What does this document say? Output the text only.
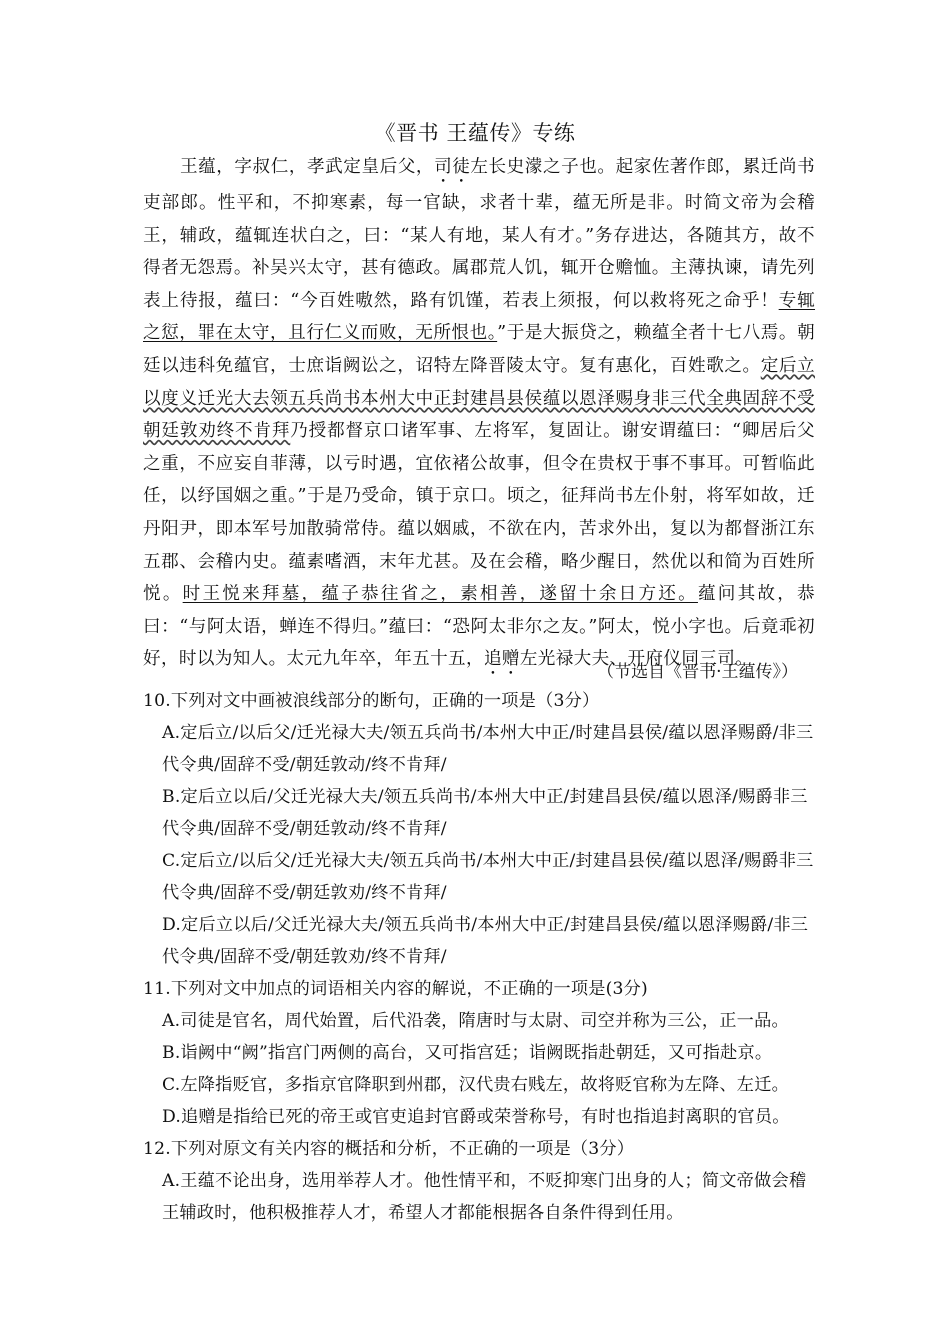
《晋书 王蕴传》专练

王蕴，字叔仁，孝武定皇后父，司徒左长史濛之子也。起家佐著作郎，累迁尚书吏部郎。性平和，不抑寒素，每一官缺，求者十辈，蕴无所是非。时简文帝为会稽王，辅政，蕴辄连状白之，曰：“某人有地，某人有才。”务存进达，各随其方，故不得者无怨焉。补吴兴太守，甚有德政。属郡荒人饥，辄开仓赡恤。主薄执谏，请先列表上待报，蕴曰：“今百姓嗷然，路有饥馑，若表上须报，何以救将死之命乎！专辄之愆，罪在太守，且行仁义而败，无所恨也。”于是大振贷之，赖蕴全者十七八焉。朝廷以违科免蕴官，士庶诣阙讼之，诏特左降晋陵太守。复有惠化，百姓歌之。定后立以度义迁光大去领五兵尚书本州大中正封建昌县侯蕴以恩泽赐身非三代全典固辞不受朝廷敦劝终不肯拜乃授都督京口诸军事、左将军，复固让。谢安谓蕴曰：“卿居后父之重，不应妄自菲薄，以亏时遇，宜依褚公故事，但令在贵权于事不事耳。可暂临此任，以纾国姻之重。”于是乃受命，镇于京口。顷之，征拜尚书左仆射，将军如故，迁丹阳尹，即本军号加散骑常侍。蕴以姻戚，不欲在内，苦求外出，复以为都督浙江东五郡、会稽内史。蕴素嗜酒，末年尤甚。及在会稽，略少醒日，然优以和简为百姓所悦。时王悦来拜墓，蕴子恭往省之，素相善，遂留十余日方还。蕴问其故，恭曰：“与阿太语，蝉连不得归。”蕴曰：“恐阿太非尔之友。”阿太，悦小字也。后竟乖初好，时以为知人。太元九年卒，年五十五，追赠左光禄大夫、开府仪同三司。

（节选自《晋书·王蕴传》）
10.下列对文中画被浪线部分的断句，正确的一项是（3分）
A.定后立/以后父/迁光禄大夫/领五兵尚书/本州大中正/时建昌县侯/蕴以恩泽赐爵/非三代令典/固辞不受/朝廷敦动/终不肯拜/
B.定后立以后/父迁光禄大夫/领五兵尚书/本州大中正/封建昌县侯/蕴以恩泽/赐爵非三代令典/固辞不受/朝廷敦动/终不肯拜/
C.定后立/以后父/迁光禄大夫/领五兵尚书/本州大中正/封建昌县侯/蕴以恩泽/赐爵非三代令典/固辞不受/朝廷敦劝/终不肯拜/
D.定后立以后/父迁光禄大夫/领五兵尚书/本州大中正/封建昌县侯/蕴以恩泽赐爵/非三代令典/固辞不受/朝廷敦劝/终不肯拜/
11.下列对文中加点的词语相关内容的解说，不正确的一项是(3分)
A.司徒是官名，周代始置，后代沿袭，隋唐时与太尉、司空并称为三公，正一品。
B.诣阙中“阙”指宫门两侧的高台，又可指宫廷；诣阙既指赴朝廷，又可指赴京。
C.左降指贬官，多指京官降职到州郡，汉代贵右贱左，故将贬官称为左降、左迁。
D.追赠是指给已死的帝王或官吏追封官爵或荣誉称号，有时也指追封离职的官员。
12.下列对原文有关内容的概括和分析，不正确的一项是（3分）
A.王蕴不论出身，选用举荐人才。他性情平和，不贬抑寒门出身的人；简文帝做会稽王辅政时，他积极推荐人才，希望人才都能根据各自条件得到任用。
